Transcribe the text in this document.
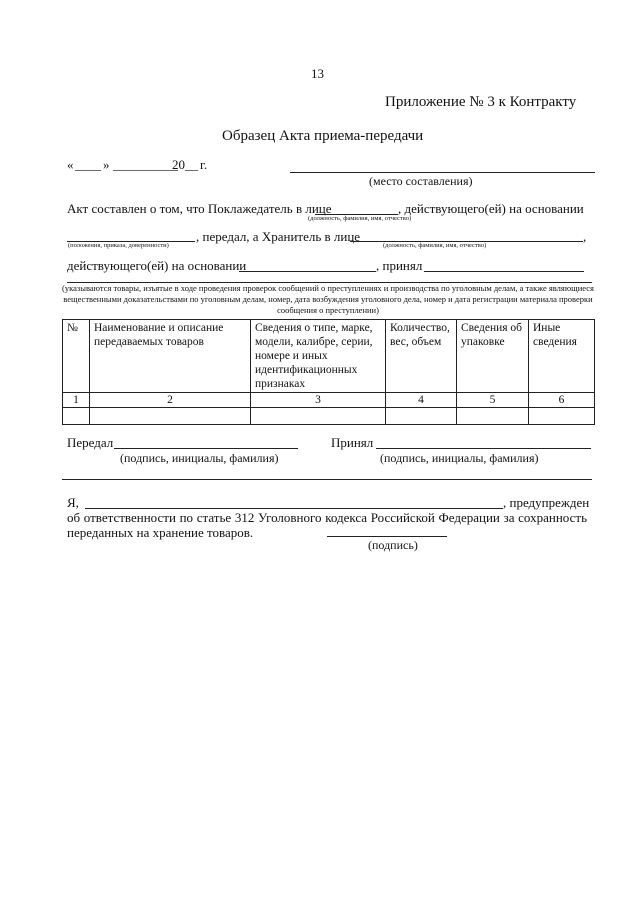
13
Приложение № 3 к Контракту
Образец Акта приема-передачи
« ____ » __________
20__ г.
(место составления)
Акт составлен о том, что Поклажедатель в лице	, действующего(ей) на основании
(должность, фамилия, имя, отчество)
, передал, а Хранитель в лице	,
(положения, приказа, доверенности)	(должность, фамилия, имя, отчество)
действующего(ей) на основании	, принял
(указываются товары, изъятые в ходе проведения проверок сообщений о преступлениях и производства по уголовным делам, а также являющиеся вещественными доказательствами по уголовным делам, номер, дата возбуждения уголовного дела, номер и дата регистрации материала проверки сообщения о преступлении)
№	Наименование и описание передаваемых товаров	Сведения о типе, марке, модели, калибре, серии, номере и иных идентификационных признаках	Количество, вес, объем	Сведения об упаковке	Иные сведения
1	2	3	4	5	6

Передал
(подпись, инициалы, фамилия)
Принял
(подпись, инициалы, фамилия)
Я,	, предупрежден
об ответственности по статье 312 Уголовного кодекса Российской Федерации за сохранность
переданных на хранение товаров.
(подпись)
